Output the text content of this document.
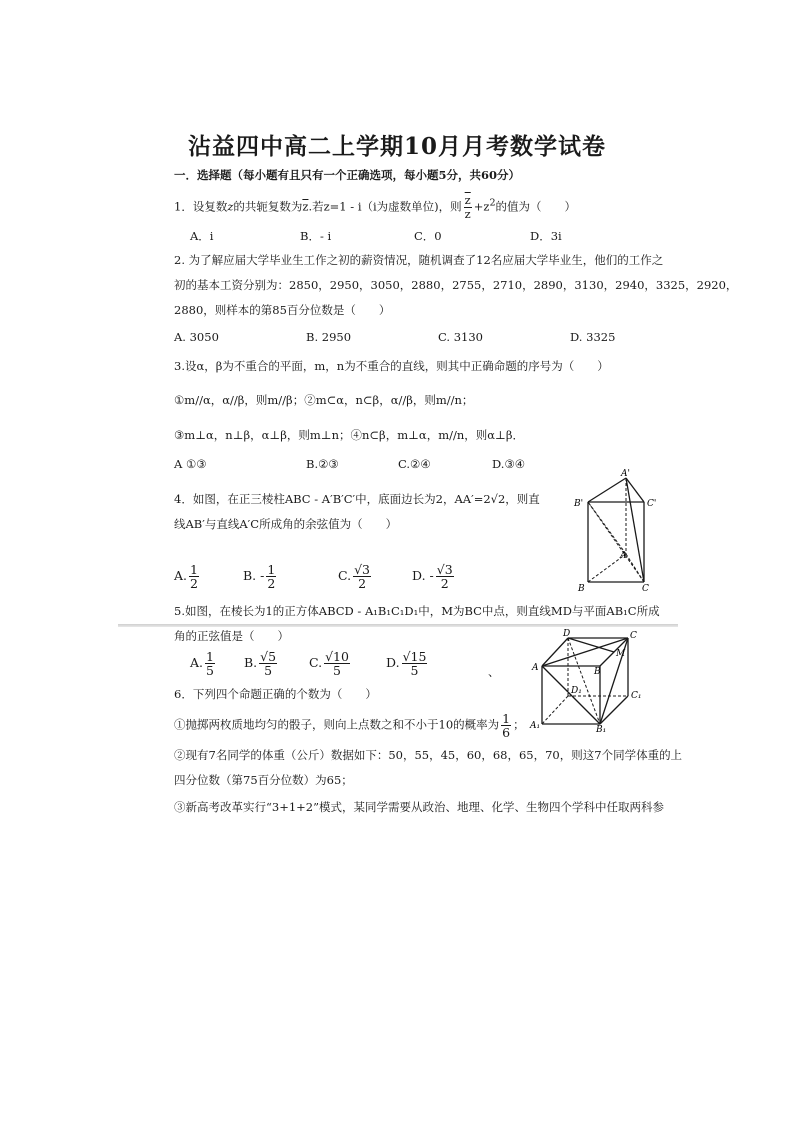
沾益四中高二上学期10月月考数学试卷
一．选择题（每小题有且只有一个正确选项，每小题5分，共60分）
1．设复数z的共轭复数为$\overline{z}$.若z=1 - i（i为虚数单位)，则 $\frac{\overline{z}}{z} +z^2$的值为（　　）
A．i	B．- i	C．0	D．3i
2. 为了解应届大学毕业生工作之初的薪资情况，随机调查了12名应届大学毕业生，他们的工作之
初的基本工资分别为：2850，2950，3050，2880，2755，2710，2890，3130，2940，3325，2920，
2880，则样本的第85百分位数是（　　）
A. 3050	B. 2950	C. 3130	D. 3325
3.设α，β为不重合的平面，m，n为不重合的直线，则其中正确命题的序号为（　　）
①m//α，α//β，则m//β；②m⊂α，n⊂β，α//β，则m//n；
③m⊥α，n⊥β，α⊥β，则m⊥n；④n⊂β，m⊥α，m//n，则α⊥β．
A ①③	B.②③	C.②④	D.③④
4．如图，在正三棱柱ABC - A′B′C′中，底面边长为2，AA′=2√2，则直
线AB′与直线A′C所成角的余弦值为（　　）
A. $\frac{1}{2}$	B. - $\frac{1}{2}$	C. $\frac{√3}{2}$	D. - $\frac{√3}{2}$
A'
B'	C'
A
B	C
5.如图，在棱长为1的正方体ABCD - A₁B₁C₁D₁中，M为BC中点，则直线MD与平面AB₁C所成
角的正弦值是（　　）
A. $\frac{1}{5} B$. $\frac{√5}{5}$	C. $\frac{√10}{5}$	D. $\frac{√15}{5}$	、
D	C
M
A	B
D₁	C₁
A₁	B₁
6．下列四个命题正确的个数为（　　）
①抛掷两枚质地均匀的骰子，则向上点数之和不小于10的概率为 $\frac{1}{6}$ ；
②现有7名同学的体重（公斤）数据如下：50，55，45，60，68，65，70，则这7个同学体重的上
四分位数（第75百分位数）为65；
③新高考改革实行“3+1+2”模式，某同学需要从政治、地理、化学、生物四个学科中任取两科参
